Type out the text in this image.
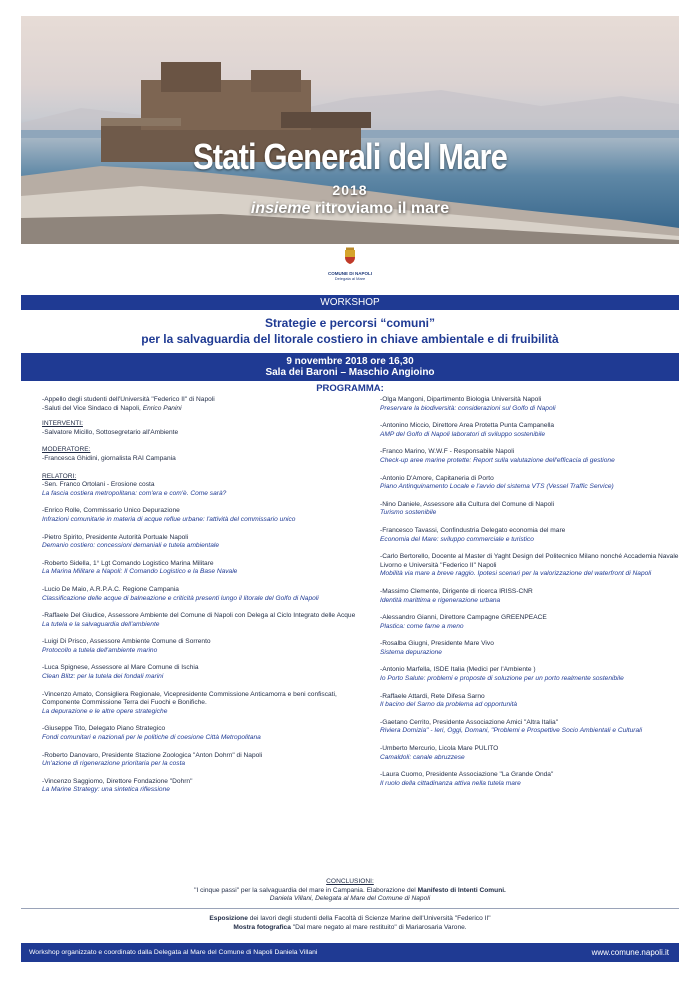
Stati Generali del Mare
2018
insieme ritroviamo il mare
COMUNE DI NAPOLI
Delegata al Mare
WORKSHOP
Strategie e percorsi “comuni”
per la salvaguardia del litorale costiero in chiave ambientale e di fruibilità
9 novembre 2018 ore 16,30
Sala dei Baroni – Maschio Angioino
PROGRAMMA:
-Appello degli studenti dell'Università "Federico II" di Napoli
-Saluti del Vice Sindaco di Napoli, Enrico Panini
INTERVENTI:
-Salvatore Micillo, Sottosegretario all'Ambiente
MODERATORE:
-Francesca Ghidini, giornalista RAI Campania
RELATORI:
-Sen. Franco Ortolani - Erosione costa
La fascia costiera metropolitana: com'era e com'è. Come sarà?
-Enrico Rolle, Commissario Unico Depurazione
Infrazioni comunitarie in materia di acque reflue urbane: l'attività del commissario unico
-Pietro Spirito, Presidente Autorità Portuale Napoli
Demanio costiero: concessioni demaniali e tutela ambientale
-Roberto Sidella, 1° Lgt Comando Logistico Marina Militare
La Marina Militare a Napoli: Il Comando Logistico e la Base Navale
-Lucio De Maio, A.R.P.A.C. Regione Campania
Classificazione delle acque di balneazione e criticità presenti lungo il litorale del Golfo di Napoli
-Raffaele Del Giudice, Assessore Ambiente del Comune di Napoli con Delega al Ciclo Integrato delle Acque
La tutela e la salvaguardia dell'ambiente
-Luigi Di Prisco, Assessore Ambiente Comune di Sorrento
Protocollo a tutela dell'ambiente marino
-Luca Spignese, Assessore al Mare Comune di Ischia
Clean Blitz: per la tutela dei fondali marini
-Vincenzo Amato, Consigliera Regionale, Vicepresidente Commissione Anticamorra e beni confiscati, Componente Commissione Terra dei Fuochi e Bonifiche.
La depurazione e le altre opere strategiche
-Giuseppe Tito, Delegato Piano Strategico
Fondi comunitari e nazionali per le politiche di coesione Città Metropolitana
-Roberto Danovaro, Presidente Stazione Zoologica "Anton Dohrn" di Napoli
Un'azione di rigenerazione prioritaria per la costa
-Vincenzo Saggiomo, Direttore Fondazione "Dohrn"
La Marine Strategy: una sintetica riflessione
-Olga Mangoni, Dipartimento Biologia Università Napoli
Preservare la biodiversità: considerazioni sul Golfo di Napoli
-Antonino Miccio, Direttore Area Protetta Punta Campanella
AMP del Golfo di Napoli laboratori di sviluppo sostenibile
-Franco Marino, W.W.F - Responsabile Napoli
Check-up aree marine protette: Report sulla valutazione dell'efficacia di gestione
-Antonio D'Amore, Capitaneria di Porto
Piano Antinquinamento Locale e l'avvio del sistema VTS (Vessel Traffic Service)
-Nino Daniele, Assessore alla Cultura del Comune di Napoli
Turismo sostenibile
-Francesco Tavassi, Confindustria Delegato economia del mare
Economia del Mare: sviluppo commerciale e turistico
-Carlo Bertorello, Docente al Master di Yaght Design del Politecnico Milano nonché Accademia Navale Livorno e Università "Federico II" Napoli
Mobilità via mare a breve raggio. Ipotesi scenari per la valorizzazione del waterfront di Napoli
-Massimo Clemente, Dirigente di ricerca IRISS-CNR
Identità marittima e rigenerazione urbana
-Alessandro Gianni, Direttore Campagne GREENPEACE
Plastica: come farne a meno
-Rosalba Giugni, Presidente Mare Vivo
Sistema depurazione
-Antonio Marfella, ISDE Italia (Medici per l'Ambiente )
Io Porto Salute: problemi e proposte di soluzione per un porto realmente sostenibile
-Raffaele Attardi, Rete Difesa Sarno
Il bacino del Sarno da problema ad opportunità
-Gaetano Cerrito, Presidente Associazione Amici "Altra Italia"
Riviera Domizia" - Ieri, Oggi, Domani, "Problemi e Prospettive Socio Ambientali e Culturali
-Umberto Mercurio, Licola Mare PULITO
Camaldoli: canale abruzzese
-Laura Cuomo, Presidente Associazione "La Grande Onda"
Il ruolo della cittadinanza attiva nella tutela mare
CONCLUSIONI:
"I cinque passi" per la salvaguardia del mare in Campania. Elaborazione del Manifesto di Intenti Comuni.
Daniela Villani, Delegata al Mare del Comune di Napoli
Esposizione dei lavori degli studenti della Facoltà di Scienze Marine dell'Università "Federico II"
Mostra fotografica "Dal mare negato al mare restituito" di Mariarosaria Varone.
Workshop organizzato e coordinato dalla Delegata al Mare del Comune di Napoli Daniela Villani	www.comune.napoli.it
